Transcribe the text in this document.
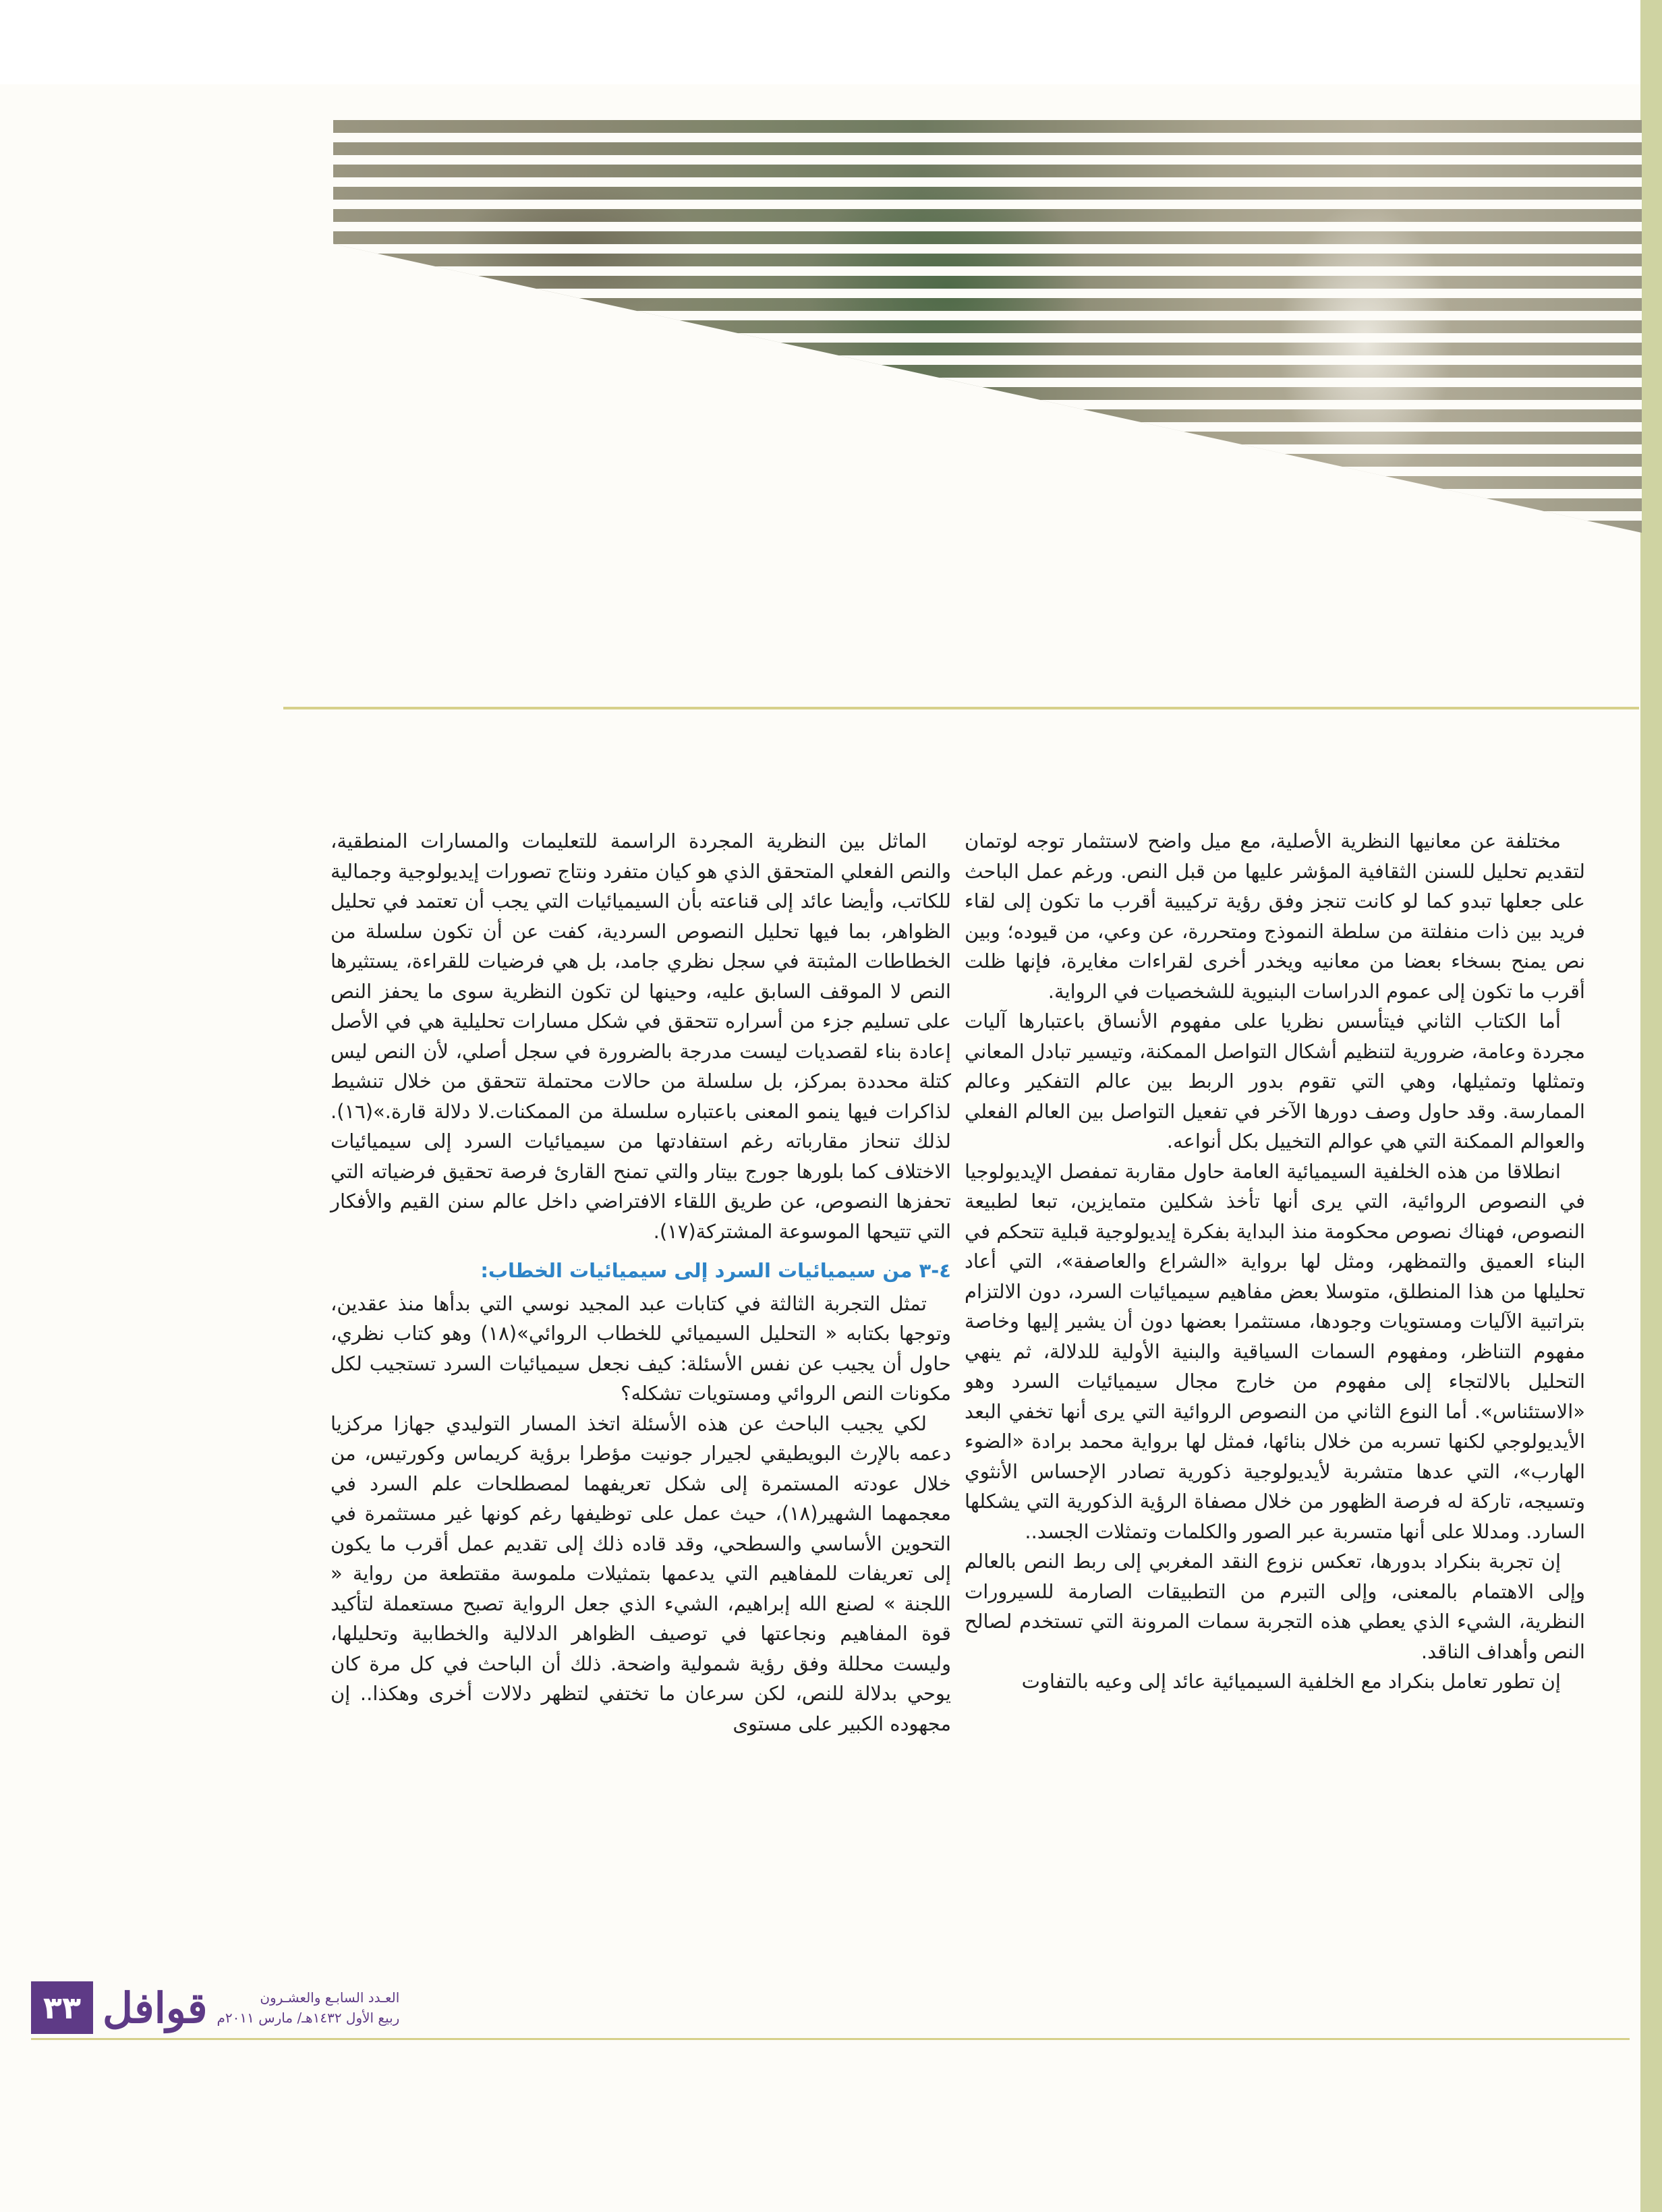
مختلفة عن معانيها النظرية الأصلية، مع ميل واضح لاستثمار توجه لوتمان لتقديم تحليل للسنن الثقافية المؤشر عليها من قبل النص. ورغم عمل الباحث على جعلها تبدو كما لو كانت تنجز وفق رؤية تركيبية أقرب ما تكون إلى لقاء فريد بين ذات منفلتة من سلطة النموذج ومتحررة، عن وعي، من قيوده؛ وبين نص يمنح بسخاء بعضا من معانيه ويخدر أخرى لقراءات مغايرة، فإنها ظلت أقرب ما تكون إلى عموم الدراسات البنيوية للشخصيات في الرواية.

أما الكتاب الثاني فيتأسس نظريا على مفهوم الأنساق باعتبارها آليات مجردة وعامة، ضرورية لتنظيم أشكال التواصل الممكنة، وتيسير تبادل المعاني وتمثلها وتمثيلها، وهي التي تقوم بدور الربط بين عالم التفكير وعالم الممارسة. وقد حاول وصف دورها الآخر في تفعيل التواصل بين العالم الفعلي والعوالم الممكنة التي هي عوالم التخييل بكل أنواعه.

انطلاقا من هذه الخلفية السيميائية العامة حاول مقاربة تمفصل الإيديولوجيا في النصوص الروائية، التي يرى أنها تأخذ شكلين متمايزين، تبعا لطبيعة النصوص، فهناك نصوص محكومة منذ البداية بفكرة إيديولوجية قبلية تتحكم في البناء العميق والتمظهر، ومثل لها برواية «الشراع والعاصفة»، التي أعاد تحليلها من هذا المنطلق، متوسلا بعض مفاهيم سيميائيات السرد، دون الالتزام بتراتبية الآليات ومستويات وجودها، مستثمرا بعضها دون أن يشير إليها وخاصة مفهوم التناظر، ومفهوم السمات السياقية والبنية الأولية للدلالة، ثم ينهي التحليل بالالتجاء إلى مفهوم من خارج مجال سيميائيات السرد وهو «الاستئناس». أما النوع الثاني من النصوص الروائية التي يرى أنها تخفي البعد الأيديولوجي لكنها تسربه من خلال بنائها، فمثل لها برواية محمد برادة «الضوء الهارب»، التي عدها متشربة لأيديولوجية ذكورية تصادر الإحساس الأنثوي وتسيجه، تاركة له فرصة الظهور من خلال مصفاة الرؤية الذكورية التي يشكلها السارد. ومدللا على أنها متسربة عبر الصور والكلمات وتمثلات الجسد..

إن تجربة بنكراد بدورها، تعكس نزوع النقد المغربي إلى ربط النص بالعالم وإلى الاهتمام بالمعنى، وإلى التبرم من التطبيقات الصارمة للسيرورات النظرية، الشيء الذي يعطي هذه التجربة سمات المرونة التي تستخدم لصالح النص وأهداف الناقد.

إن تطور تعامل بنكراد مع الخلفية السيميائية عائد إلى وعيه بالتفاوت

الماثل بين النظرية المجردة الراسمة للتعليمات والمسارات المنطقية، والنص الفعلي المتحقق الذي هو كيان متفرد ونتاج تصورات إيديولوجية وجمالية للكاتب، وأيضا عائد إلى قناعته بأن السيميائيات التي يجب أن تعتمد في تحليل الظواهر، بما فيها تحليل النصوص السردية، كفت عن أن تكون سلسلة من الخطاطات المثبتة في سجل نظري جامد، بل هي فرضيات للقراءة، يستثيرها النص لا الموقف السابق عليه، وحينها لن تكون النظرية سوى ما يحفز النص على تسليم جزء من أسراره تتحقق في شكل مسارات تحليلية هي في الأصل إعادة بناء لقصديات ليست مدرجة بالضرورة في سجل أصلي، لأن النص ليس كتلة محددة بمركز، بل سلسلة من حالات محتملة تتحقق من خلال تنشيط لذاكرات فيها ينمو المعنى باعتباره سلسلة من الممكنات.لا دلالة قارة.»(١٦). لذلك تنحاز مقارباته رغم استفادتها من سيميائيات السرد إلى سيميائيات الاختلاف كما بلورها جورج بيتار والتي تمنح القارئ فرصة تحقيق فرضياته التي تحفزها النصوص، عن طريق اللقاء الافتراضي داخل عالم سنن القيم والأفكار التي تتيحها الموسوعة المشتركة(١٧).

٤-٣ من سيميائيات السرد إلى سيميائيات الخطاب:

تمثل التجربة الثالثة في كتابات عبد المجيد نوسي التي بدأها منذ عقدين، وتوجها بكتابه « التحليل السيميائي للخطاب الروائي»(١٨) وهو كتاب نظري، حاول أن يجيب عن نفس الأسئلة: كيف نجعل سيميائيات السرد تستجيب لكل مكونات النص الروائي ومستويات تشكله؟

لكي يجيب الباحث عن هذه الأسئلة اتخذ المسار التوليدي جهازا مركزيا دعمه بالإرث البويطيقي لجيرار جونيت مؤطرا برؤية كريماس وكورتيس، من خلال عودته المستمرة إلى شكل تعريفهما لمصطلحات علم السرد في معجمهما الشهير(١٨)، حيث عمل على توظيفها رغم كونها غير مستثمرة في التحوين الأساسي والسطحي، وقد قاده ذلك إلى تقديم عمل أقرب ما يكون إلى تعريفات للمفاهيم التي يدعمها بتمثيلات ملموسة مقتطعة من رواية « اللجنة » لصنع الله إبراهيم، الشيء الذي جعل الرواية تصبح مستعملة لتأكيد قوة المفاهيم ونجاعتها في توصيف الظواهر الدلالية والخطابية وتحليلها، وليست محللة وفق رؤية شمولية واضحة. ذلك أن الباحث في كل مرة كان يوحي بدلالة للنص، لكن سرعان ما تختفي لتظهر دلالات أخرى وهكذا.. إن مجهوده الكبير على مستوى

٣٣ قوافل	العـدد السابـع والعشـرون
ربيع الأول ١٤٣٢هـ/ مارس ٢٠١١م
